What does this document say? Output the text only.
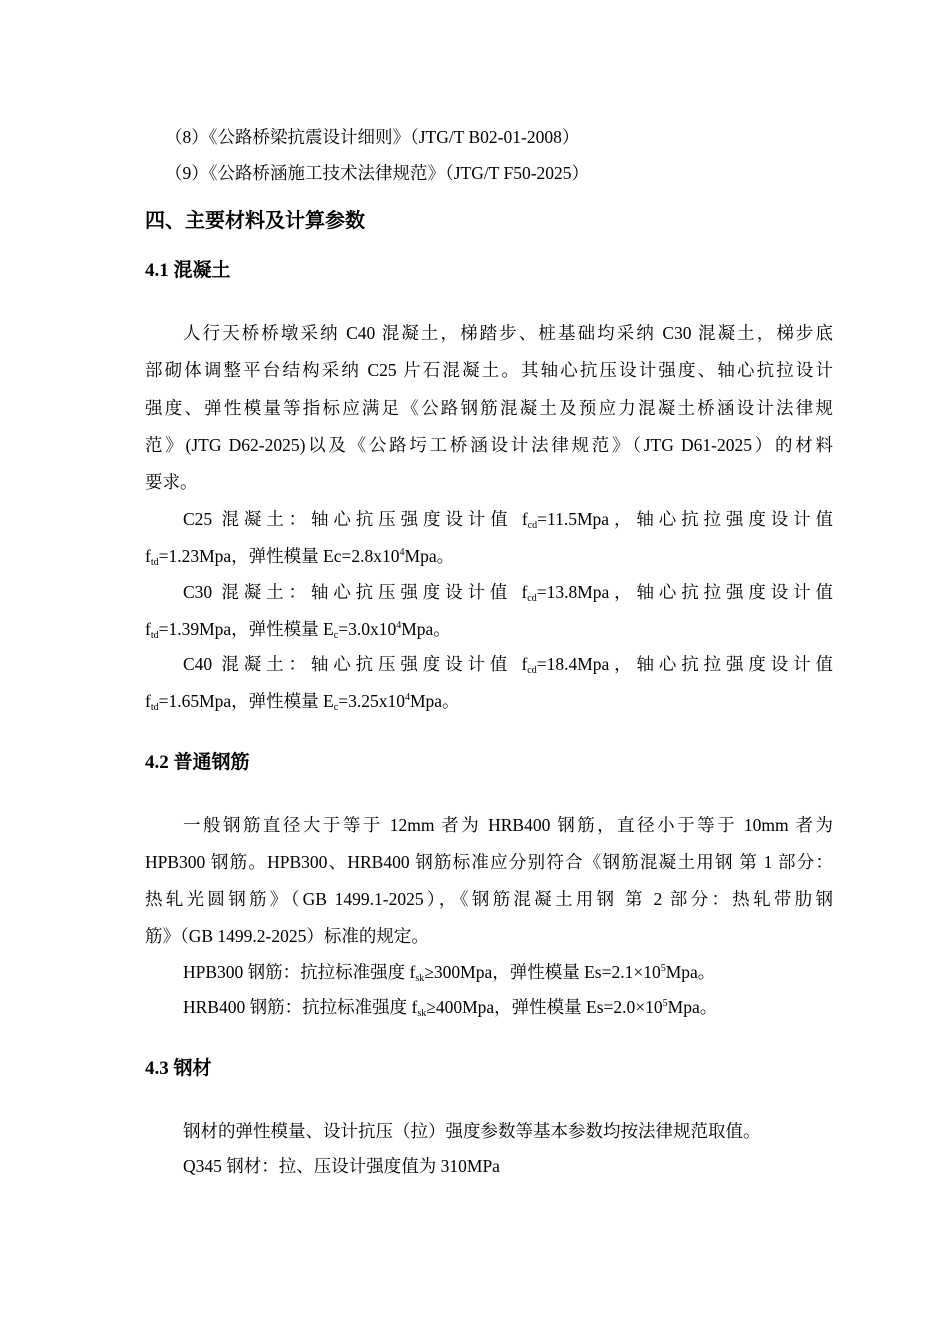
（8）《公路桥梁抗震设计细则》（JTG/T B02-01-2008）
（9）《公路桥涵施工技术法律规范》（JTG/T F50-2025）
四、主要材料及计算参数
4.1 混凝土
人行天桥桥墩采纳 C40 混凝土，梯踏步、桩基础均采纳 C30 混凝土，梯步底
部砌体调整平台结构采纳 C25 片石混凝土。其轴心抗压设计强度、轴心抗拉设计
强度、弹性模量等指标应满足《公路钢筋混凝土及预应力混凝土桥涵设计法律规
范》(JTG D62-2025)以及《公路圬工桥涵设计法律规范》（JTG D61-2025）的材料
要求。
C25 混凝土：轴心抗压强度设计值 $f_{cd}=11.5Mpa$，轴心抗拉强度设计值
$f_{td}=1.23Mpa$，弹性模量 $Ec=2.8x10^4Mpa$。
C30 混凝土：轴心抗压强度设计值 $f_{cd}=13.8Mpa$，轴心抗拉强度设计值
$f_{td}=1.39Mpa$，弹性模量 $E_c=3.0x10^4Mpa$。
C40 混凝土：轴心抗压强度设计值 $f_{cd}=18.4Mpa$，轴心抗拉强度设计值
$f_{td}=1.65Mpa$，弹性模量 $E_c=3.25x10^4Mpa$。
4.2 普通钢筋
一般钢筋直径大于等于 12mm 者为 HRB400 钢筋，直径小于等于 10mm 者为
HPB300 钢筋。HPB300、HRB400 钢筋标准应分别符合《钢筋混凝土用钢 第 1 部分：
热轧光圆钢筋》（GB 1499.1-2025），《钢筋混凝土用钢 第 2 部分：热轧带肋钢
筋》（GB 1499.2-2025）标准的规定。
HPB300 钢筋：抗拉标准强度 $f_{sk}\ge 300Mpa$，弹性模量 $Es=2.1\times 10^5Mpa$。
HRB400 钢筋：抗拉标准强度 $f_{sk}\ge 400Mpa$，弹性模量 $Es=2.0\times 10^5Mpa$。
4.3 钢材
钢材的弹性模量、设计抗压（拉）强度参数等基本参数均按法律规范取值。
Q345 钢材：拉、压设计强度值为 310MPa
